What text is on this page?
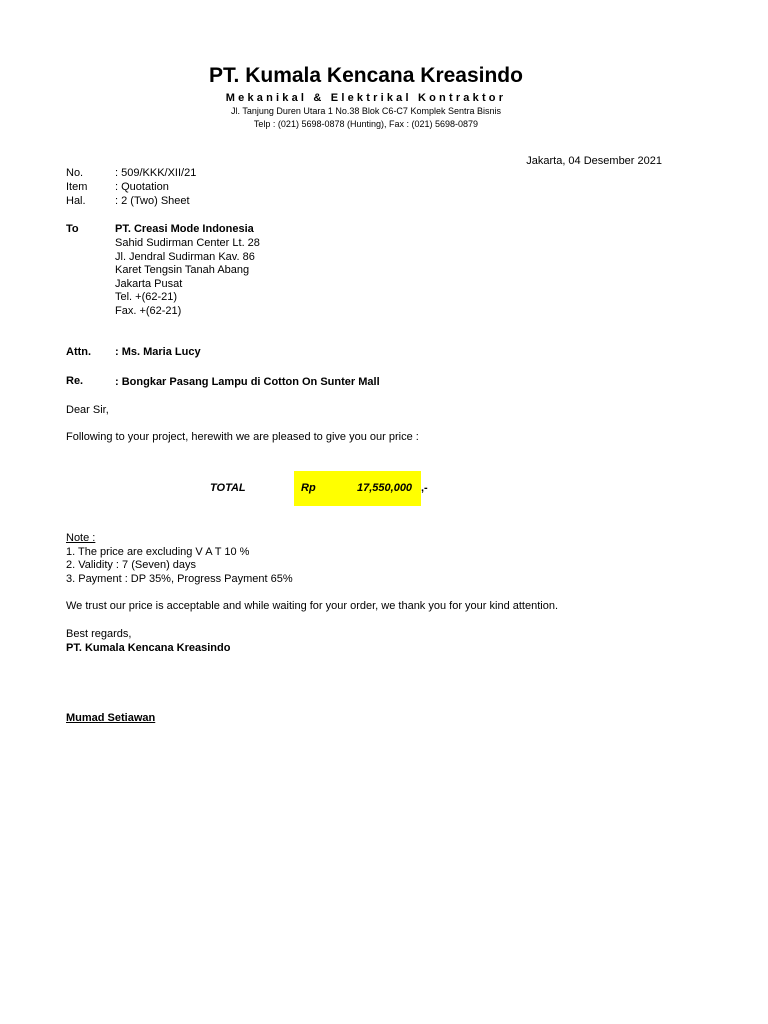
PT. Kumala Kencana Kreasindo
Mekanikal & Elektrikal Kontraktor
Jl. Tanjung Duren Utara 1 No.38 Blok C6-C7 Komplek Sentra Bisnis
Telp : (021) 5698-0878 (Hunting), Fax : (021) 5698-0879
Jakarta, 04 Desember 2021
No.	: 509/KKK/XII/21
Item	: Quotation
Hal.	: 2 (Two) Sheet
To	PT. Creasi Mode Indonesia
Sahid Sudirman Center Lt. 28
Jl. Jendral Sudirman Kav. 86
Karet Tengsin Tanah Abang
Jakarta Pusat
Tel. +(62-21)
Fax. +(62-21)
Attn. : Ms. Maria Lucy
Re.	: Bongkar Pasang Lampu di Cotton On Sunter Mall
Dear Sir,
Following to your project, herewith we are pleased to give you our price :
TOTAL	Rp	17,550,000 ,-
Note :
1. The price are excluding V A T 10 %
2. Validity : 7 (Seven) days
3. Payment : DP 35%, Progress Payment 65%
We trust our price is acceptable and while waiting for your order, we thank you for your kind attention.
Best regards,
PT. Kumala Kencana Kreasindo
Mumad Setiawan
